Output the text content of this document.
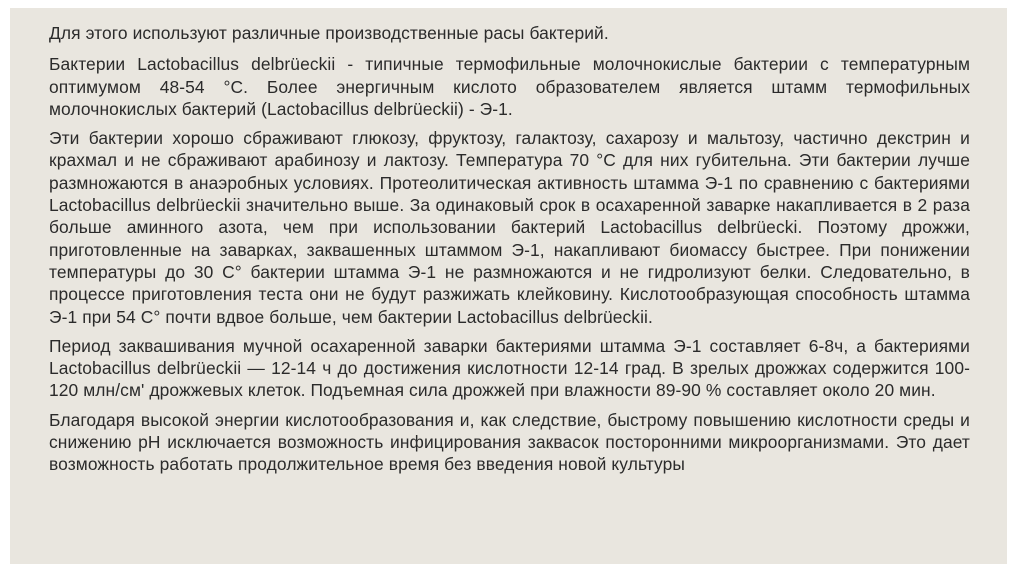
Для этого используют различные производственные расы бактерий.

Бактерии Lactobacillus delbrüeckii - типичные термофильные молочнокислые бактерии с температурным оптимумом 48-54 °С. Более энергичным кислото образователем является штамм термофильных молочнокислых бактерий (Lactobacillus delbrüeckii) - Э-1.

Эти бактерии хорошо сбраживают глюкозу, фруктозу, галактозу, сахарозу и мальтозу, частично декстрин и крахмал и не сбраживают арабинозу и лактозу. Температура 70 °С для них губительна. Эти бактерии лучше размножаются в анаэробных условиях. Протеолитическая активность штамма Э-1 по сравнению с бактериями Lactobacillus delbrüeckii значительно выше. За одинаковый срок в осахаренной заварке накапливается в 2 раза больше аминного азота, чем при использовании бактерий Lactobacillus delbrüecki. Поэтому дрожжи, приготовленные на заварках, заквашенных штаммом Э-1, накапливают биомассу быстрее. При понижении температуры до 30 С° бактерии штамма Э-1 не размножаются и не гидролизуют белки. Следовательно, в процессе приготовления теста они не будут разжижать клейковину. Кислотообразующая способность штамма Э-1 при 54 С° почти вдвое больше, чем бактерии Lactobacillus delbrüeckii.

Период заквашивания мучной осахаренной заварки бактериями штамма Э-1 составляет 6-8ч, а бактериями Lactobacillus delbrüeckii — 12-14 ч до достижения кислотности 12-14 град. В зрелых дрожжах содержится 100-120 млн/см' дрожжевых клеток. Подъемная сила дрожжей при влажности 89-90 % составляет около 20 мин.

Благодаря высокой энергии кислотообразования и, как следствие, быстрому повышению кислотности среды и снижению рН исключается возможность инфицирования заквасок посторонними микроорганизмами. Это дает возможность работать продолжительное время без введения новой культуры
